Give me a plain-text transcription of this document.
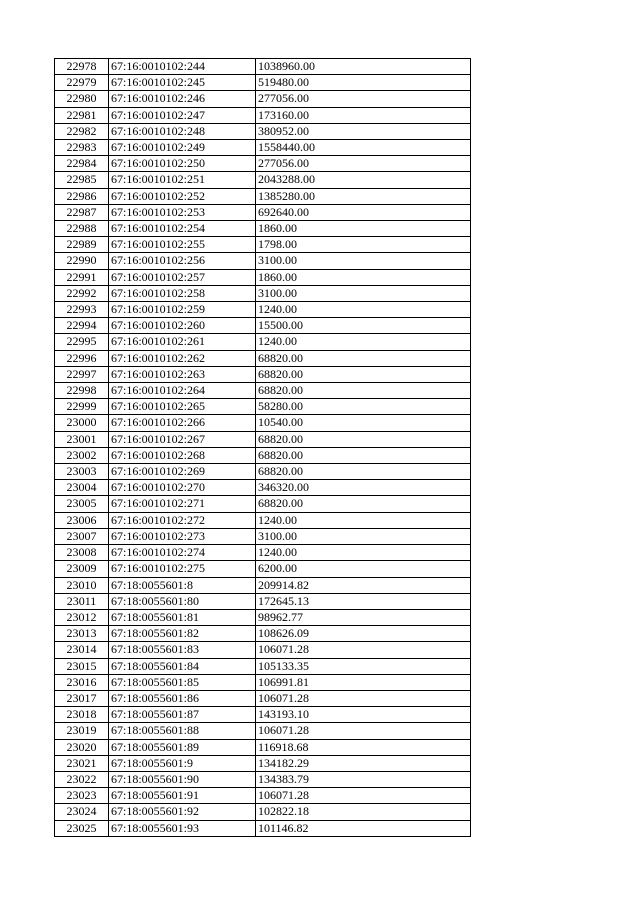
22978	67:16:0010102:244	1038960.00
22979	67:16:0010102:245	519480.00
22980	67:16:0010102:246	277056.00
22981	67:16:0010102:247	173160.00
22982	67:16:0010102:248	380952.00
22983	67:16:0010102:249	1558440.00
22984	67:16:0010102:250	277056.00
22985	67:16:0010102:251	2043288.00
22986	67:16:0010102:252	1385280.00
22987	67:16:0010102:253	692640.00
22988	67:16:0010102:254	1860.00
22989	67:16:0010102:255	1798.00
22990	67:16:0010102:256	3100.00
22991	67:16:0010102:257	1860.00
22992	67:16:0010102:258	3100.00
22993	67:16:0010102:259	1240.00
22994	67:16:0010102:260	15500.00
22995	67:16:0010102:261	1240.00
22996	67:16:0010102:262	68820.00
22997	67:16:0010102:263	68820.00
22998	67:16:0010102:264	68820.00
22999	67:16:0010102:265	58280.00
23000	67:16:0010102:266	10540.00
23001	67:16:0010102:267	68820.00
23002	67:16:0010102:268	68820.00
23003	67:16:0010102:269	68820.00
23004	67:16:0010102:270	346320.00
23005	67:16:0010102:271	68820.00
23006	67:16:0010102:272	1240.00
23007	67:16:0010102:273	3100.00
23008	67:16:0010102:274	1240.00
23009	67:16:0010102:275	6200.00
23010	67:18:0055601:8	209914.82
23011	67:18:0055601:80	172645.13
23012	67:18:0055601:81	98962.77
23013	67:18:0055601:82	108626.09
23014	67:18:0055601:83	106071.28
23015	67:18:0055601:84	105133.35
23016	67:18:0055601:85	106991.81
23017	67:18:0055601:86	106071.28
23018	67:18:0055601:87	143193.10
23019	67:18:0055601:88	106071.28
23020	67:18:0055601:89	116918.68
23021	67:18:0055601:9	134182.29
23022	67:18:0055601:90	134383.79
23023	67:18:0055601:91	106071.28
23024	67:18:0055601:92	102822.18
23025	67:18:0055601:93	101146.82
